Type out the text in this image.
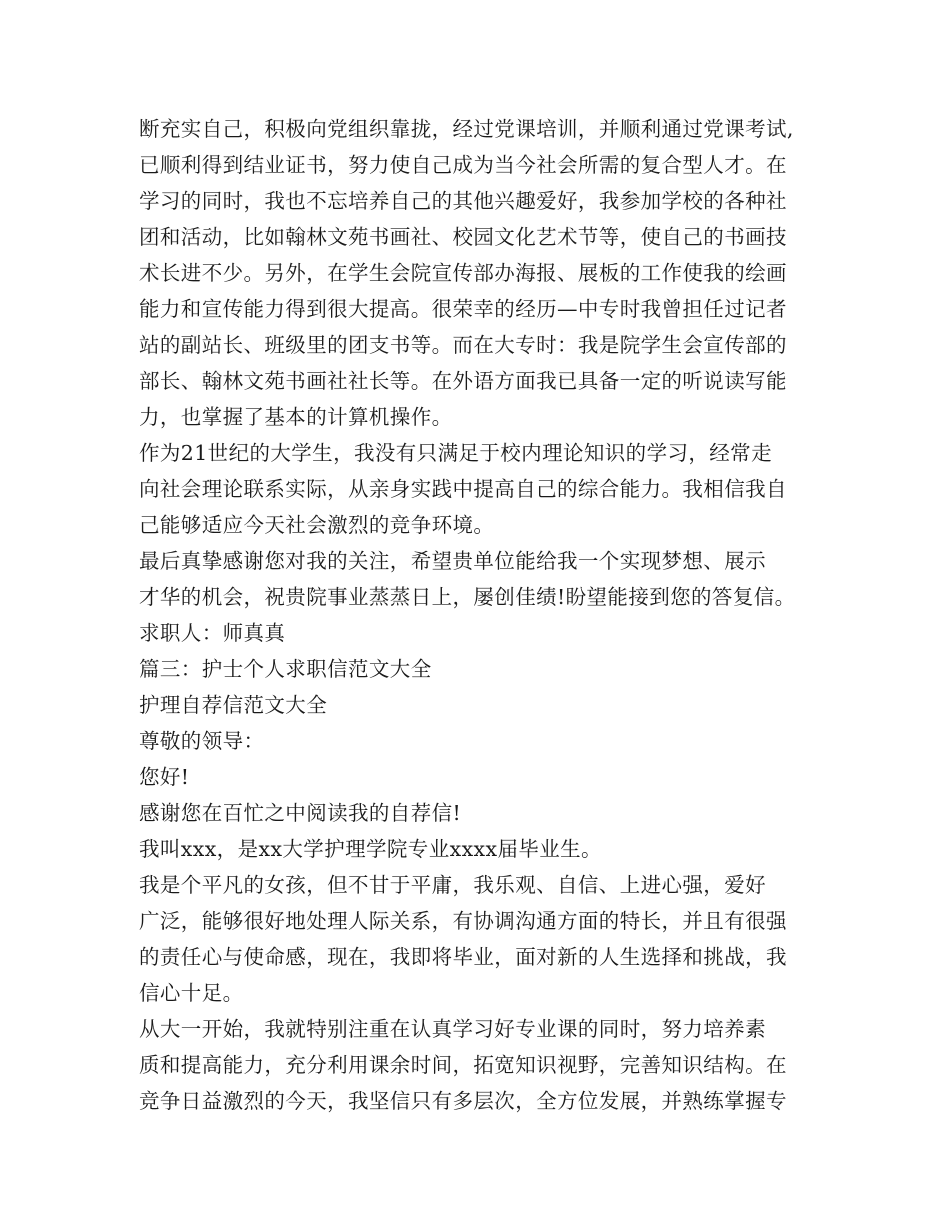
断充实自己，积极向党组织靠拢，经过党课培训，并顺利通过党课考试,
已顺利得到结业证书，努力使自己成为当今社会所需的复合型人才。在
学习的同时，我也不忘培养自己的其他兴趣爱好，我参加学校的各种社
团和活动，比如翰林文苑书画社、校园文化艺术节等，使自己的书画技
术长进不少。另外，在学生会院宣传部办海报、展板的工作使我的绘画
能力和宣传能力得到很大提高。很荣幸的经历—中专时我曾担任过记者
站的副站长、班级里的团支书等。而在大专时：我是院学生会宣传部的
部长、翰林文苑书画社社长等。在外语方面我已具备一定的听说读写能
力，也掌握了基本的计算机操作。
作为21世纪的大学生，我没有只满足于校内理论知识的学习，经常走
向社会理论联系实际，从亲身实践中提高自己的综合能力。我相信我自
己能够适应今天社会激烈的竞争环境。
最后真挚感谢您对我的关注，希望贵单位能给我一个实现梦想、展示
才华的机会，祝贵院事业蒸蒸日上，屡创佳绩!盼望能接到您的答复信。
求职人：师真真
篇三：护士个人求职信范文大全
护理自荐信范文大全
尊敬的领导：
您好!
感谢您在百忙之中阅读我的自荐信!
我叫xxx，是xx大学护理学院专业xxxx届毕业生。
我是个平凡的女孩，但不甘于平庸，我乐观、自信、上进心强，爱好
广泛，能够很好地处理人际关系，有协调沟通方面的特长，并且有很强
的责任心与使命感，现在，我即将毕业，面对新的人生选择和挑战，我
信心十足。
从大一开始，我就特别注重在认真学习好专业课的同时，努力培养素
质和提高能力，充分利用课余时间，拓宽知识视野，完善知识结构。在
竞争日益激烈的今天，我坚信只有多层次，全方位发展，并熟练掌握专
